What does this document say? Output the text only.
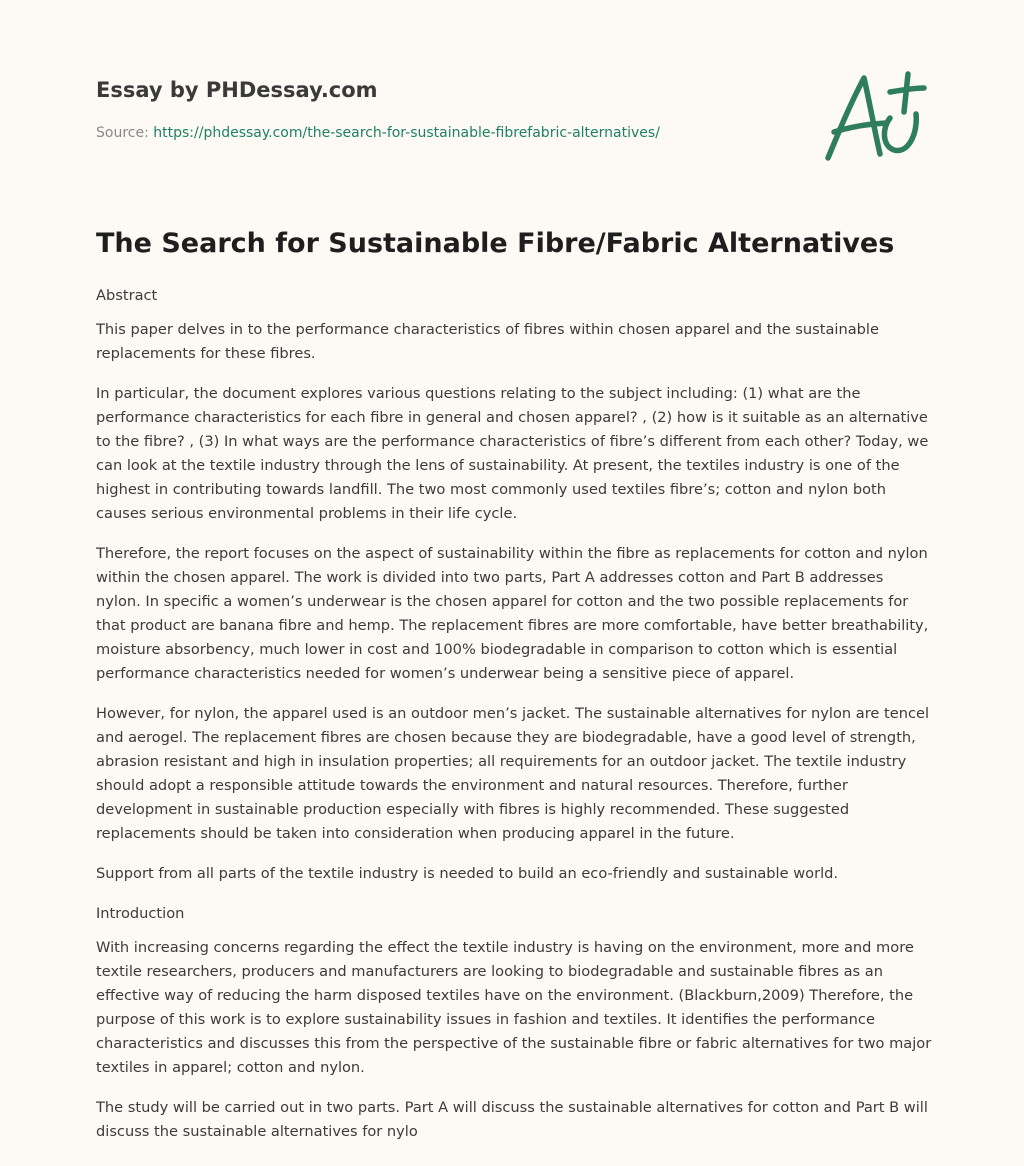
Essay by PHDessay.com
Source: https://phdessay.com/the-search-for-sustainable-fibrefabric-alternatives/
The Search for Sustainable Fibre/Fabric Alternatives

Abstract

This paper delves in to the performance characteristics of fibres within chosen apparel and the sustainable replacements for these fibres.

In particular, the document explores various questions relating to the subject including: (1) what are the performance characteristics for each fibre in general and chosen apparel? , (2) how is it suitable as an alternative to the fibre? , (3) In what ways are the performance characteristics of fibre’s different from each other? Today, we can look at the textile industry through the lens of sustainability. At present, the textiles industry is one of the highest in contributing towards landfill. The two most commonly used textiles fibre’s; cotton and nylon both causes serious environmental problems in their life cycle.

Therefore, the report focuses on the aspect of sustainability within the fibre as replacements for cotton and nylon within the chosen apparel. The work is divided into two parts, Part A addresses cotton and Part B addresses nylon. In specific a women’s underwear is the chosen apparel for cotton and the two possible replacements for that product are banana fibre and hemp. The replacement fibres are more comfortable, have better breathability, moisture absorbency, much lower in cost and 100% biodegradable in comparison to cotton which is essential performance characteristics needed for women’s underwear being a sensitive piece of apparel.

However, for nylon, the apparel used is an outdoor men’s jacket. The sustainable alternatives for nylon are tencel and aerogel. The replacement fibres are chosen because they are biodegradable, have a good level of strength, abrasion resistant and high in insulation properties; all requirements for an outdoor jacket. The textile industry should adopt a responsible attitude towards the environment and natural resources. Therefore, further development in sustainable production especially with fibres is highly recommended. These suggested replacements should be taken into consideration when producing apparel in the future.

Support from all parts of the textile industry is needed to build an eco-friendly and sustainable world.

Introduction

With increasing concerns regarding the effect the textile industry is having on the environment, more and more textile researchers, producers and manufacturers are looking to biodegradable and sustainable fibres as an effective way of reducing the harm disposed textiles have on the environment. (Blackburn,2009) Therefore, the purpose of this work is to explore sustainability issues in fashion and textiles. It identifies the performance characteristics and discusses this from the perspective of the sustainable fibre or fabric alternatives for two major textiles in apparel; cotton and nylon.

The study will be carried out in two parts. Part A will discuss the sustainable alternatives for cotton and Part B will discuss the sustainable alternatives for nylo
